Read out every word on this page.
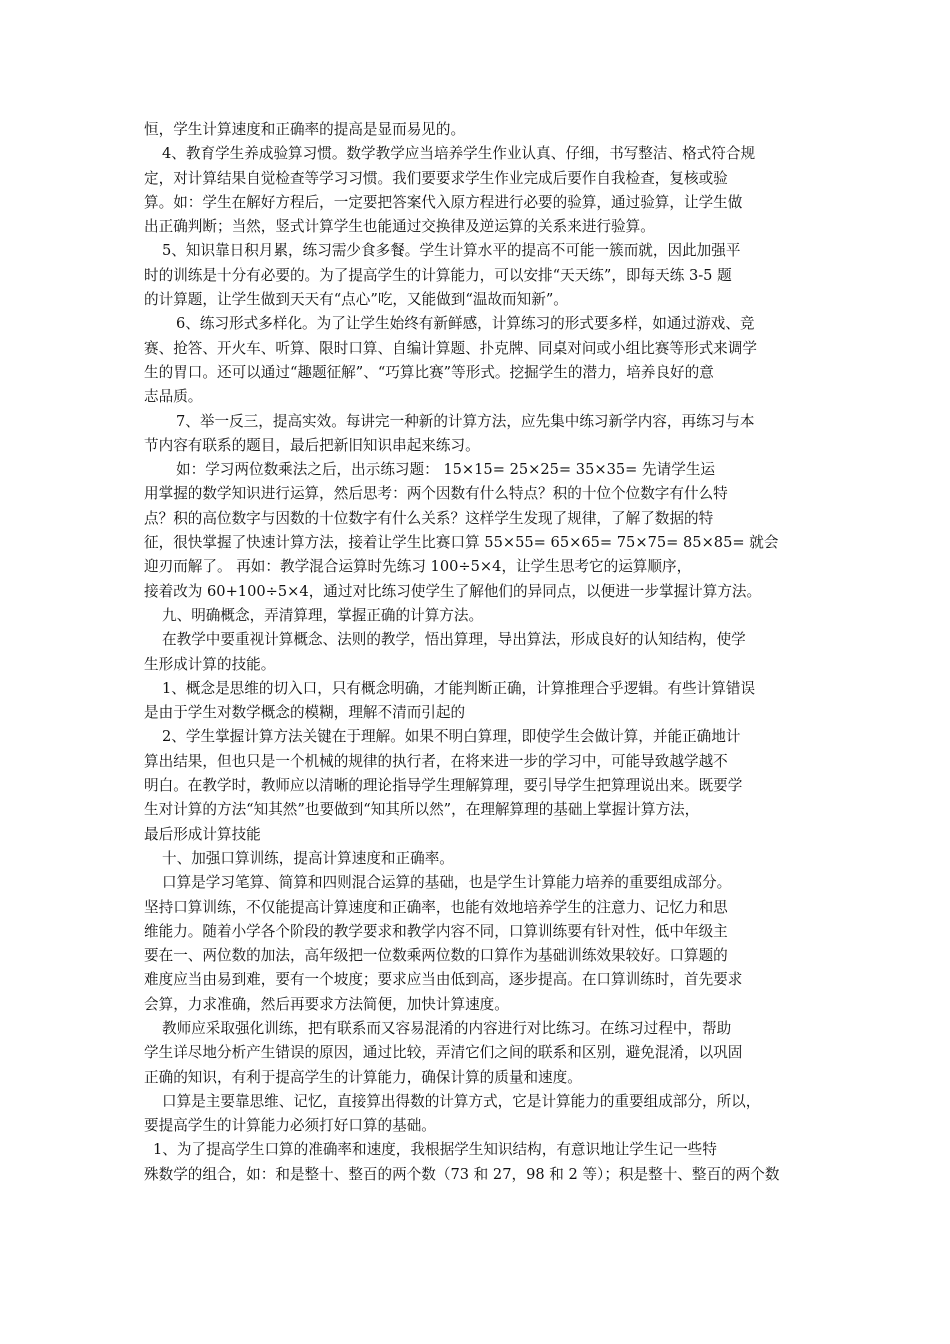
恒，学生计算速度和正确率的提高是显而易见的。
4、教育学生养成验算习惯。数学教学应当培养学生作业认真、仔细，书写整洁、格式符合规
定，对计算结果自觉检查等学习习惯。我们要要求学生作业完成后要作自我检查，复核或验
算。如：学生在解好方程后，一定要把答案代入原方程进行必要的验算，通过验算，让学生做
出正确判断；当然，竖式计算学生也能通过交换律及逆运算的关系来进行验算。
5、知识靠日积月累，练习需少食多餐。学生计算水平的提高不可能一簇而就，因此加强平
时的训练是十分有必要的。为了提高学生的计算能力，可以安排“天天练”，即每天练 3-5 题
的计算题，让学生做到天天有“点心”吃，又能做到“温故而知新”。
6、练习形式多样化。为了让学生始终有新鲜感，计算练习的形式要多样，如通过游戏、竞
赛、抢答、开火车、听算、限时口算、自编计算题、扑克牌、同桌对问或小组比赛等形式来调学
生的胃口。还可以通过“趣题征解”、“巧算比赛”等形式。挖掘学生的潜力，培养良好的意
志品质。
7、举一反三，提高实效。每讲完一种新的计算方法，应先集中练习新学内容，再练习与本
节内容有联系的题目，最后把新旧知识串起来练习。
如：学习两位数乘法之后，出示练习题： 15×15= 25×25= 35×35= 先请学生运
用掌握的数学知识进行运算，然后思考：两个因数有什么特点？积的十位个位数字有什么特
点？积的高位数字与因数的十位数字有什么关系？这样学生发现了规律，了解了数据的特
征，很快掌握了快速计算方法，接着让学生比赛口算 55×55= 65×65= 75×75= 85×85= 就会
迎刃而解了。 再如：教学混合运算时先练习 100÷5×4，让学生思考它的运算顺序，
接着改为 60+100÷5×4，通过对比练习使学生了解他们的异同点，以便进一步掌握计算方法。
九、明确概念，弄清算理，掌握正确的计算方法。
在教学中要重视计算概念、法则的教学，悟出算理，导出算法，形成良好的认知结构，使学
生形成计算的技能。
1、概念是思维的切入口，只有概念明确，才能判断正确，计算推理合乎逻辑。有些计算错误
是由于学生对数学概念的模糊，理解不清而引起的
2、学生掌握计算方法关键在于理解。如果不明白算理，即使学生会做计算，并能正确地计
算出结果，但也只是一个机械的规律的执行者，在将来进一步的学习中，可能导致越学越不
明白。在教学时，教师应以清晰的理论指导学生理解算理，要引导学生把算理说出来。既要学
生对计算的方法“知其然”也要做到“知其所以然”，在理解算理的基础上掌握计算方法，
最后形成计算技能
十、加强口算训练，提高计算速度和正确率。
口算是学习笔算、简算和四则混合运算的基础，也是学生计算能力培养的重要组成部分。
坚持口算训练，不仅能提高计算速度和正确率，也能有效地培养学生的注意力、记忆力和思
维能力。随着小学各个阶段的教学要求和教学内容不同，口算训练要有针对性，低中年级主
要在一、两位数的加法，高年级把一位数乘两位数的口算作为基础训练效果较好。口算题的
难度应当由易到难，要有一个坡度；要求应当由低到高，逐步提高。在口算训练时，首先要求
会算，力求准确，然后再要求方法简便，加快计算速度。
教师应采取强化训练，把有联系而又容易混淆的内容进行对比练习。在练习过程中，帮助
学生详尽地分析产生错误的原因，通过比较，弄清它们之间的联系和区别，避免混淆，以巩固
正确的知识，有利于提高学生的计算能力，确保计算的质量和速度。
口算是主要靠思维、记忆，直接算出得数的计算方式，它是计算能力的重要组成部分，所以，
要提高学生的计算能力必须打好口算的基础。
1、为了提高学生口算的准确率和速度，我根据学生知识结构，有意识地让学生记一些特
殊数学的组合，如：和是整十、整百的两个数（73 和 27，98 和 2 等）；积是整十、整百的两个数
